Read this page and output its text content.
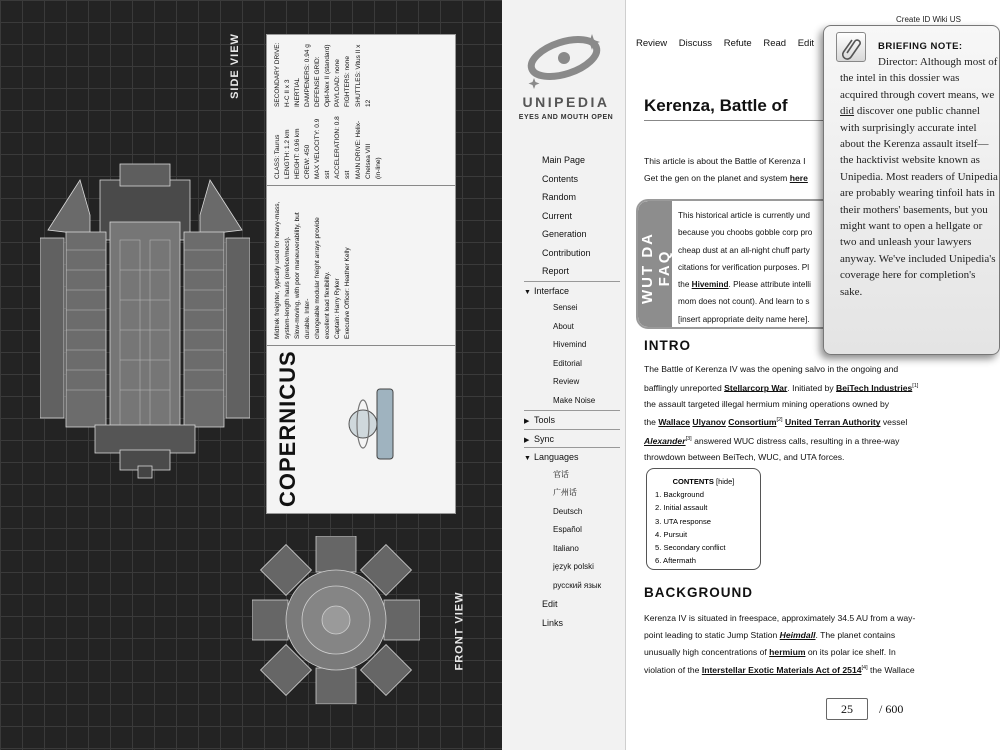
SIDE VIEW
COPERNICUS
Midtrek freighter, typically used for heavy-mass, system-length hauls (ore/ice/mecs). Slow-moving, with poor maneuverability, but durable. Inter- changeable modular freight arrays provide excellent load flexibility. Captain: Harry Ryker Executive Officer: Heather Kelly
CLASS: Taurus LENGTH: 1.2 km HEIGHT: 0.96 km CREW: 450 MAX VELOCITY: 0.9 sst ACCELERATION: 0.8 sst MAIN DRIVE: Helix-Chelsea VIII (in-line)
SECONDARY DRIVE: H-C II x 3 INERTIAL DAMPENERS: 0.94 g DEFENSE GRID: Opti-Nex II (standard) PAYLOAD: none FIGHTERS: none SHUTTLES: Vitus II x 12
FRONT VIEW
UNIPEDIA
EYES AND MOUTH OPEN
Main Page
Contents
Random
Current
Generation
Contribution
Report
▼ Interface
Sensei
About
Hivemind
Editorial
Review
Make Noise
▶ Tools
▶ Sync
▼ Languages
官话
广州话
Deutsch
Español
Italiano
język polski
русский язык
Edit
Links
Create ID Wiki US
Review Discuss Refute Read Edit
Kerenza, Battle of
This article is about the Battle of Kerenza I
Get the gen on the planet and system here
WUT DA FAQ
This historical article is currently und
because you choobs gobble corp pro
cheap dust at an all-night chuff party
citations for verification purposes. Pl
the Hivemind. Please attribute intelli
mom does not count). And learn to s
[insert appropriate deity name here].
INTRO
The Battle of Kerenza IV was the opening salvo in the ongoing and
bafflingly unreported Stellarcorp War. Initiated by BeiTech Industries[1]
the assault targeted illegal hermium mining operations owned by
the Wallace Ulyanov Consortium[2] United Terran Authority vessel
Alexander[3] answered WUC distress calls, resulting in a three-way
throwdown between BeiTech, WUC, and UTA forces.
CONTENTS [hide]
1. Background
2. Initial assault
3. UTA response
4. Pursuit
5. Secondary conflict
6. Aftermath
BACKGROUND
Kerenza IV is situated in freespace, approximately 34.5 AU from a way-
point leading to static Jump Station Heimdall. The planet contains
unusually high concentrations of hermium on its polar ice shelf. In
violation of the Interstellar Exotic Materials Act of 2514[4] the Wallace
25 / 600
BRIEFING NOTE:
Director: Although most of the intel in this dossier was acquired through covert means, we did discover one public channel with surprisingly accurate intel about the Kerenza assault itself—the hacktivist website known as Unipedia. Most readers of Unipedia are probably wearing tinfoil hats in their mothers' basements, but you might want to open a hellgate or two and unleash your lawyers anyway. We've included Unipedia's coverage here for completion's sake.
